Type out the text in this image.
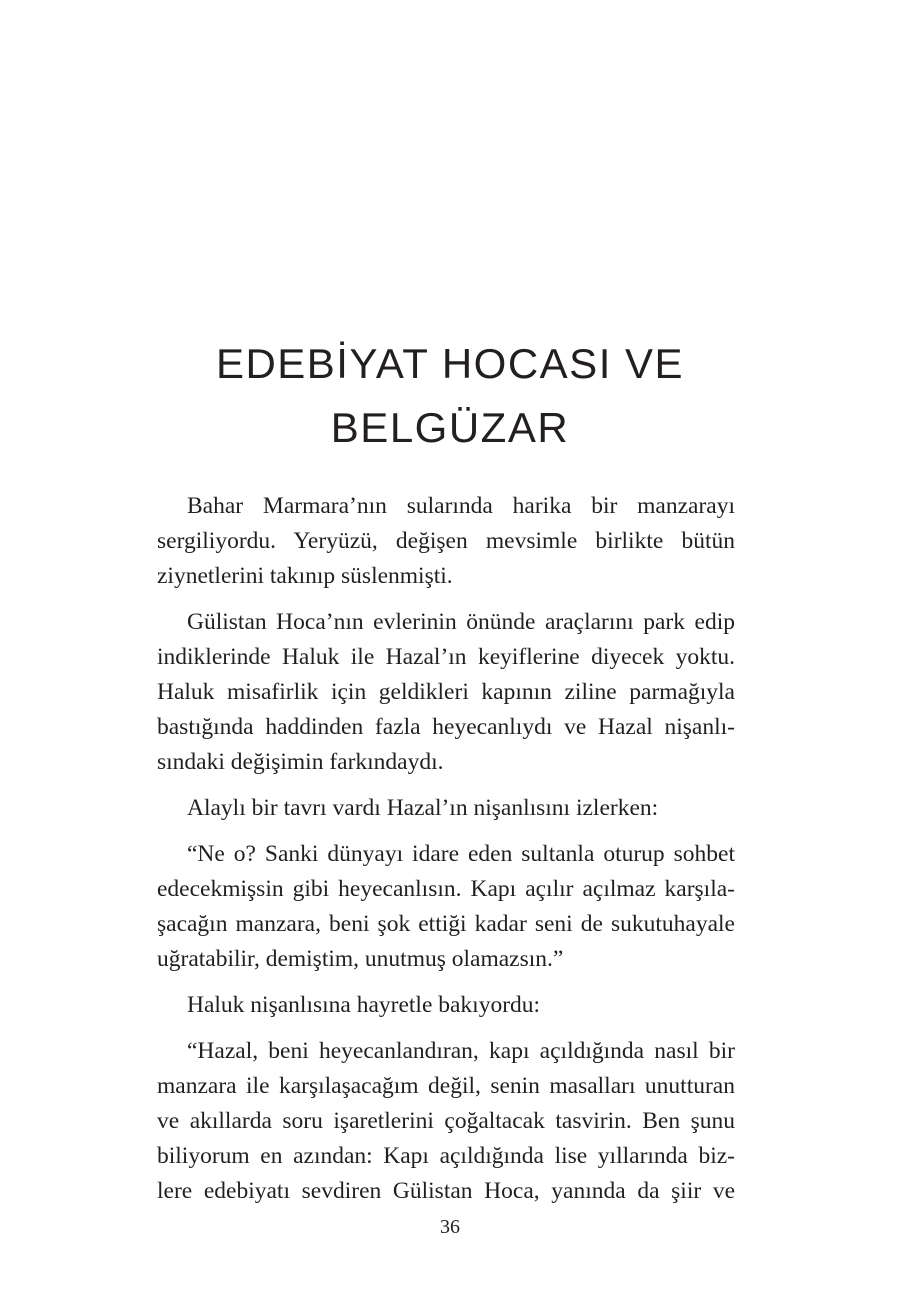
EDEBİYAT HOCASI VE
BELGÜZAR

Bahar Marmara’nın sularında harika bir manzarayı
sergiliyordu. Yeryüzü, değişen mevsimle birlikte bütün
ziynetlerini takınıp süslenmişti.

Gülistan Hoca’nın evlerinin önünde araçlarını park edip
indiklerinde Haluk ile Hazal’ın keyiflerine diyecek yoktu.
Haluk misafirlik için geldikleri kapının ziline parmağıyla
bastığında haddinden fazla heyecanlıydı ve Hazal nişanlı-
sındaki değişimin farkındaydı.

Alaylı bir tavrı vardı Hazal’ın nişanlısını izlerken:

“Ne o? Sanki dünyayı idare eden sultanla oturup sohbet
edecekmişsin gibi heyecanlısın. Kapı açılır açılmaz karşıla-
şacağın manzara, beni şok ettiği kadar seni de sukutuhayale
uğratabilir, demiştim, unutmuş olamazsın.”

Haluk nişanlısına hayretle bakıyordu:

“Hazal, beni heyecanlandıran, kapı açıldığında nasıl bir
manzara ile karşılaşacağım değil, senin masalları unutturan
ve akıllarda soru işaretlerini çoğaltacak tasvirin. Ben şunu
biliyorum en azından: Kapı açıldığında lise yıllarında biz-
lere edebiyatı sevdiren Gülistan Hoca, yanında da şiir ve

36
